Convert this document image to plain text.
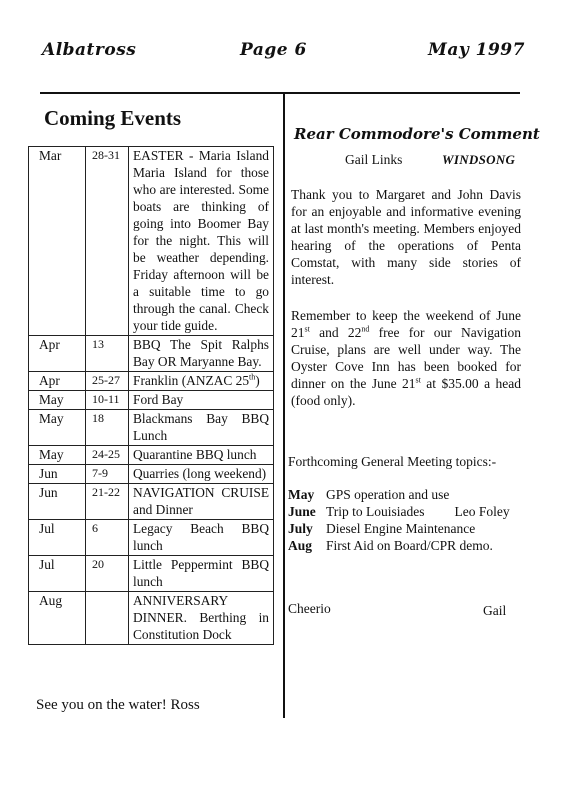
Albatross	Page 6	May 1997
Coming Events
Mar	28-31	EASTER - Maria Island Maria Island for those who are interested. Some boats are thinking of going into Boomer Bay for the night. This will be weather depending. Friday afternoon will be a suitable time to go through the canal. Check your tide guide.
Apr	13	BBQ The Spit Ralphs Bay OR Maryanne Bay.
Apr	25-27	Franklin (ANZAC 25th)
May	10-11	Ford Bay
May	18	Blackmans Bay BBQ Lunch
May	24-25	Quarantine BBQ lunch
Jun	7-9	Quarries (long weekend)
Jun	21-22	NAVIGATION CRUISE and Dinner
Jul	6	Legacy Beach BBQ lunch
Jul	20	Little Peppermint BBQ lunch
Aug		ANNIVERSARY DINNER. Berthing in Constitution Dock
See you on the water! Ross
Rear Commodore's Comment
Gail Links	WINDSONG
Thank you to Margaret and John Davis for an enjoyable and informative evening at last month's meeting. Members enjoyed hearing of the operations of Penta Comstat, with many side stories of interest.
Remember to keep the weekend of June 21st and 22nd free for our Navigation Cruise, plans are well under way. The Oyster Cove Inn has been booked for dinner on the June 21st at $35.00 a head (food only).
Forthcoming General Meeting topics:-
May GPS operation and use
June Trip to Louisiades Leo Foley
July Diesel Engine Maintenance
Aug	First Aid on Board/CPR demo.
Cheerio	Gail
